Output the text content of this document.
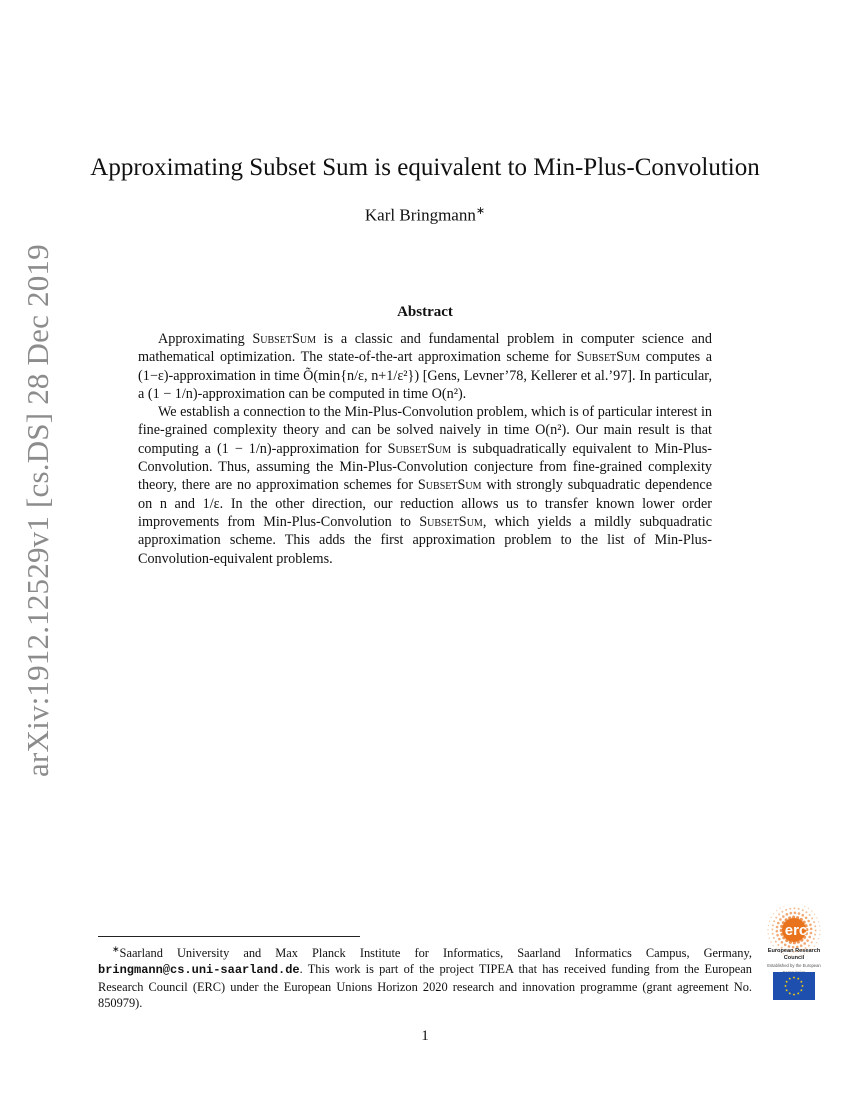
arXiv:1912.12529v1 [cs.DS] 28 Dec 2019
Approximating Subset Sum is equivalent to Min-Plus-Convolution
Karl Bringmann∗
Abstract

Approximating SubsetSum is a classic and fundamental problem in computer science and mathematical optimization. The state-of-the-art approximation scheme for SubsetSum computes a (1−ε)-approximation in time Õ(min{n/ε, n+1/ε²}) [Gens, Levner’78, Kellerer et al.’97]. In particular, a (1 − 1/n)-approximation can be computed in time O(n²).

We establish a connection to the Min-Plus-Convolution problem, which is of particular interest in fine-grained complexity theory and can be solved naively in time O(n²). Our main result is that computing a (1 − 1/n)-approximation for SubsetSum is subquadratically equivalent to Min-Plus-Convolution. Thus, assuming the Min-Plus-Convolution conjecture from fine-grained complexity theory, there are no approximation schemes for SubsetSum with strongly subquadratic dependence on n and 1/ε. In the other direction, our reduction allows us to transfer known lower order improvements from Min-Plus-Convolution to SubsetSum, which yields a mildly subquadratic approximation scheme. This adds the first approximation problem to the list of Min-Plus-Convolution-equivalent problems.

∗Saarland University and Max Planck Institute for Informatics, Saarland Informatics Campus, Germany, bringmann@cs.uni-saarland.de. This work is part of the project TIPEA that has received funding from the European Research Council (ERC) under the European Unions Horizon 2020 research and innovation programme (grant agreement No. 850979).

erc
European Research Council
Established by the European
1
